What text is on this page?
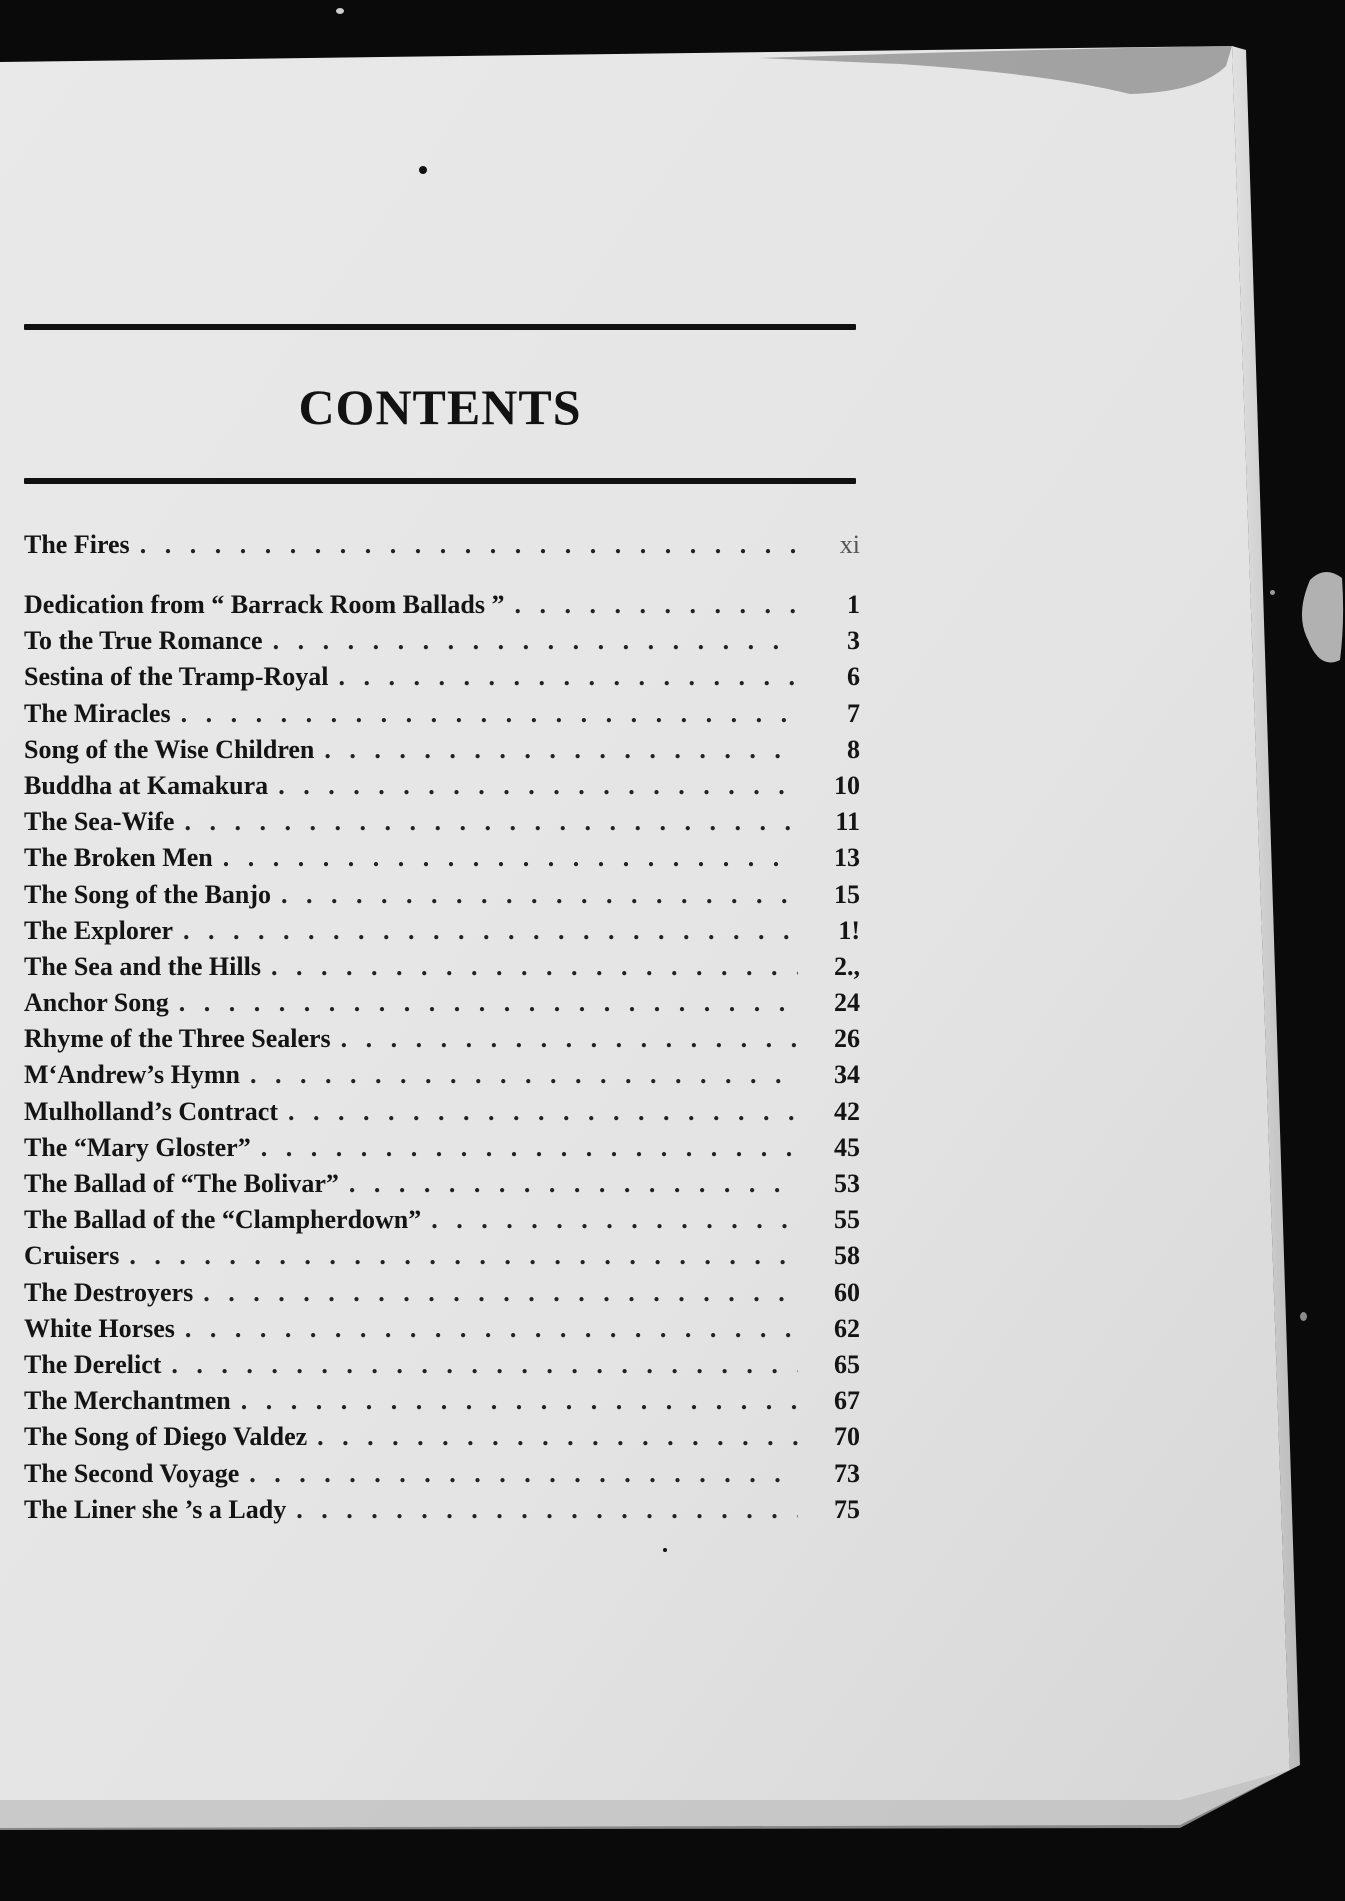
CONTENTS
The Fires . . .	xi
Dedication from “ Barrack Room Ballads ” . . .	1
To the True Romance . . .	3
Sestina of the Tramp-Royal . . .	6
The Miracles . . .	7
Song of the Wise Children . . .	8
Buddha at Kamakura . . .	10
The Sea-Wife . . .	11
The Broken Men . . .	13
The Song of the Banjo . . .	15
The Explorer . . .	1!
The Sea and the Hills . . .	2.,
Anchor Song . . .	24
Rhyme of the Three Sealers . . .	26
M‘Andrew’s Hymn . . .	34
Mulholland’s Contract . . .	42
The “Mary Gloster” . . .	45
The Ballad of “The Bolivar” . . .	53
The Ballad of the “Clampherdown” . . .	55
Cruisers . . .	58
The Destroyers . . .	60
White Horses . . .	62
The Derelict . . .	65
The Merchantmen . . .	67
The Song of Diego Valdez . . .	70
The Second Voyage . . .	73
The Liner she ’s a Lady . . .	75
